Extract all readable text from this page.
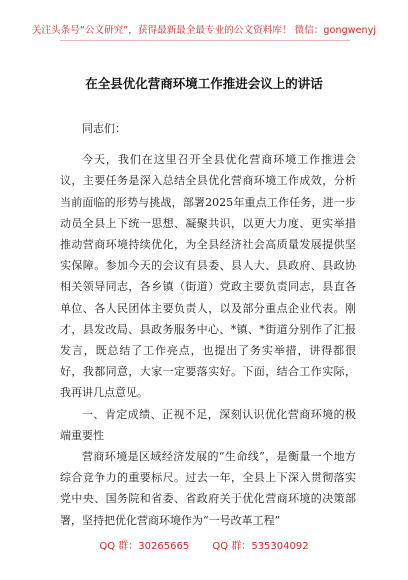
关注头条号“公文研究”，获得最新最全最专业的公文资料库！ 微信：gongwenyj
在全县优化营商环境工作推进会议上的讲话

同志们：

今天，我们在这里召开全县优化营商环境工作推进会议，主要任务是深入总结全县优化营商环境工作成效，分析当前面临的形势与挑战，部署2025年重点工作任务，进一步动员全县上下统一思想、凝聚共识，以更大力度、更实举措推动营商环境持续优化，为全县经济社会高质量发展提供坚实保障。参加今天的会议有县委、县人大、县政府、县政协相关领导同志，各乡镇（街道）党政主要负责同志，县直各单位、各人民团体主要负责人，以及部分重点企业代表。刚才，县发改局、县政务服务中心、*镇、*街道分别作了汇报发言，既总结了工作亮点，也提出了务实举措，讲得都很好，我都同意，大家一定要落实好。下面，结合工作实际，我再讲几点意见。

一、肯定成绩、正视不足，深刻认识优化营商环境的极端重要性

营商环境是区域经济发展的“生命线”，是衡量一个地方综合竞争力的重要标尺。过去一年，全县上下深入贯彻落实党中央、国务院和省委、省政府关于优化营商环境的决策部署，坚持把优化营商环境作为“一号改革工程”

QQ 群：30265665 QQ 群：535304092
